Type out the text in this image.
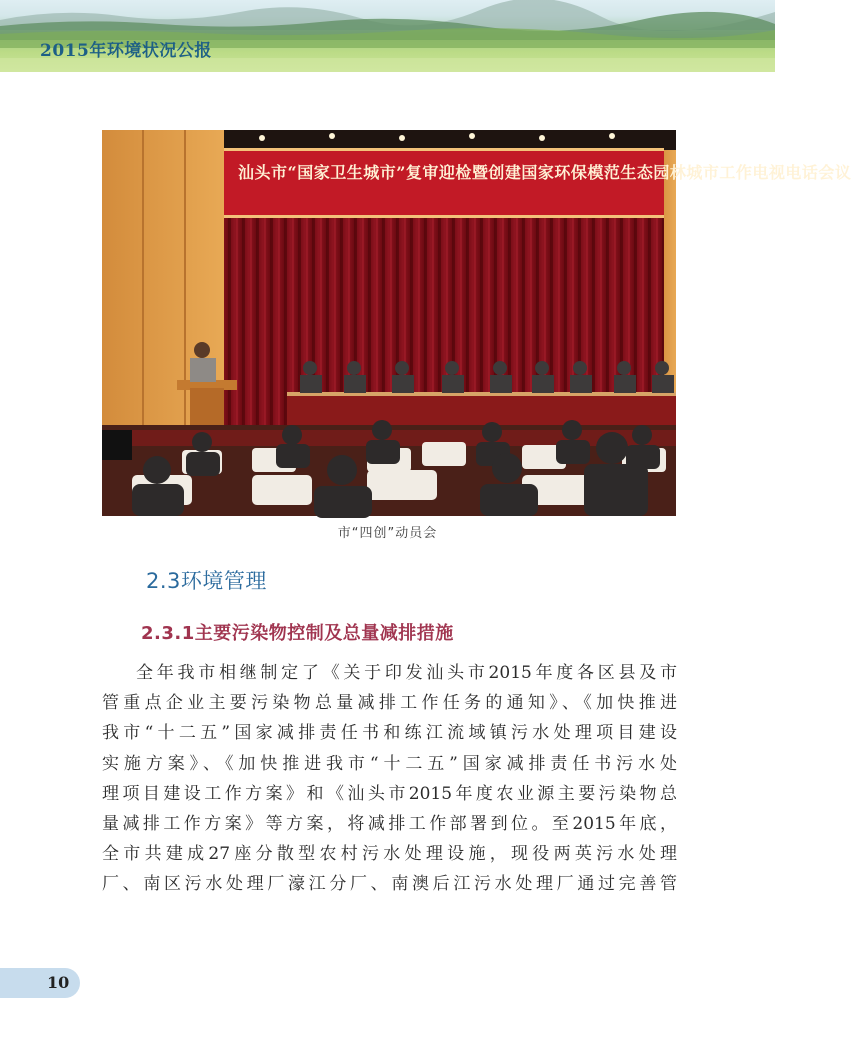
2015年环境状况公报
汕头市“国家卫生城市”复审迎检暨创建国家环保模范生态园林城市工作电视电话会议
市“四创”动员会
2.3环境管理
2.3.1主要污染物控制及总量减排措施
全年我市相继制定了《关于印发汕头市2015年度各区县及市
管重点企业主要污染物总量减排工作任务的通知》、《加快推进
我市“十二五”国家减排责任书和练江流域镇污水处理项目建设
实施方案》、《加快推进我市“十二五”国家减排责任书污水处
理项目建设工作方案》和《汕头市2015年度农业源主要污染物总
量减排工作方案》等方案，将减排工作部署到位。至2015年底，
全市共建成27座分散型农村污水处理设施，现役两英污水处理
厂、南区污水处理厂濠江分厂、南澳后江污水处理厂通过完善管
10
